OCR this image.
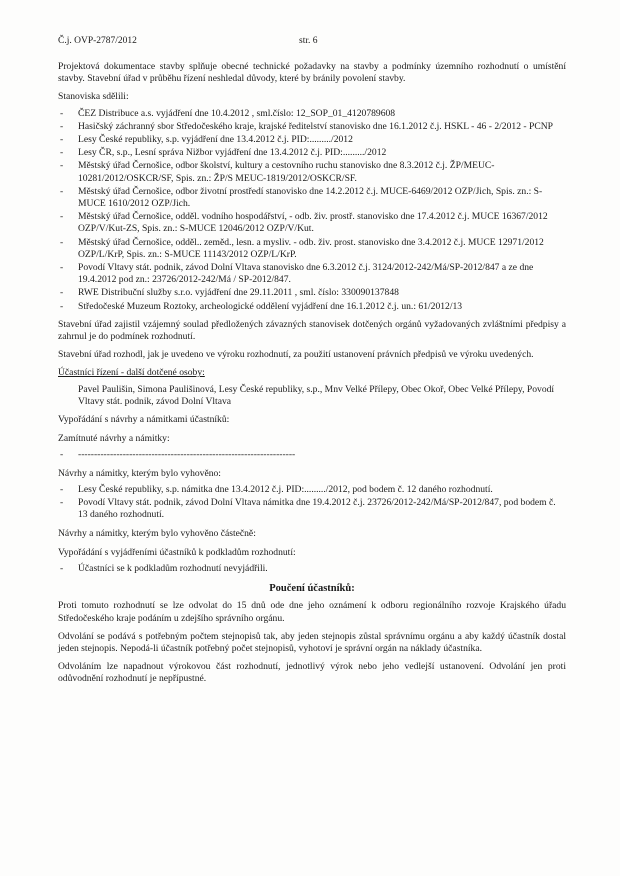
Č.j. OVP-2787/2012	str. 6

Projektová dokumentace stavby splňuje obecné technické požadavky na stavby a podmínky územního rozhodnutí o umístění stavby. Stavební úřad v průběhu řízení neshledal důvody, které by bránily povolení stavby.

Stanoviska sdělili:
- ČEZ Distribuce a.s. vyjádření dne 10.4.2012 , sml.číslo: 12_SOP_01_4120789608
- Hasičský záchranný sbor Středočeského kraje, krajské ředitelství stanovisko dne 16.1.2012 č.j. HSKL - 46 - 2/2012 - PCNP
- Lesy České republiky, s.p. vyjádření dne 13.4.2012 č.j. PID:........./2012
- Lesy ČR, s.p., Lesní správa Nižbor vyjádření dne 13.4.2012 č.j. PID:........./2012
- Městský úřad Černošice, odbor školství, kultury a cestovního ruchu stanovisko dne 8.3.2012 č.j. ŽP/MEUC-10281/2012/OSKCR/SF, Spis. zn.: ŽP/S MEUC-1819/2012/OSKCR/SF.
- Městský úřad Černošice, odbor životní prostředí stanovisko dne 14.2.2012 č.j. MUCE-6469/2012 OZP/Jich, Spis. zn.: S-MUCE 1610/2012 OZP/Jich.
- Městský úřad Černošice, odděl. vodního hospodářství, - odb. živ. prostř. stanovisko dne 17.4.2012 č.j. MUCE 16367/2012 OZP/V/Kut-ZS, Spis. zn.: S-MUCE 12046/2012 OZP/V/Kut.
- Městský úřad Černošice, odděl.. zeměd., lesn. a mysliv. - odb. živ. prost. stanovisko dne 3.4.2012 č.j. MUCE 12971/2012 OZP/L/KrP, Spis. zn.: S-MUCE 11143/2012 OZP/L/KrP.
- Povodí Vltavy stát. podnik, závod Dolní Vltava stanovisko dne 6.3.2012 č.j. 3124/2012-242/Má/SP-2012/847 a ze dne 19.4.2012 pod zn.: 23726/2012-242/Má / SP-2012/847.
- RWE Distribuční služby s.r.o. vyjádření dne 29.11.2011 , sml. číslo: 330090137848
- Středočeské Muzeum Roztoky, archeologické oddělení vyjádření dne 16.1.2012 č.j. un.: 61/2012/13

Stavební úřad zajistil vzájemný soulad předložených závazných stanovisek dotčených orgánů vyžadovaných zvláštními předpisy a zahrnul je do podmínek rozhodnutí.

Stavební úřad rozhodl, jak je uvedeno ve výroku rozhodnutí, za použití ustanovení právních předpisů ve výroku uvedených.

Účastníci řízení - další dotčené osoby:
Pavel Paulišin, Simona Paulišinová, Lesy České republiky, s.p., Mnv Velké Přílepy, Obec Okoř, Obec Velké Přílepy, Povodí Vltavy stát. podnik, závod Dolní Vltava
Vypořádání s návrhy a námitkami účastníků:
Zamítnuté návrhy a námitky:
- --------------------------------------------------------------------
Návrhy a námitky, kterým bylo vyhověno:
- Lesy České republiky, s.p. námitka dne 13.4.2012 č.j. PID:........./2012, pod bodem č. 12 daného rozhodnutí.
- Povodí Vltavy stát. podnik, závod Dolní Vltava námitka dne 19.4.2012 č.j. 23726/2012-242/Má/SP-2012/847, pod bodem č. 13 daného rozhodnutí.
Návrhy a námitky, kterým bylo vyhověno částečně:
Vypořádání s vyjádřeními účastníků k podkladům rozhodnutí:
- Účastníci se k podkladům rozhodnutí nevyjádřili.
Poučení účastníků:

Proti tomuto rozhodnutí se lze odvolat do 15 dnů ode dne jeho oznámení k odboru regionálního rozvoje Krajského úřadu Středočeského kraje podáním u zdejšího správního orgánu.

Odvolání se podává s potřebným počtem stejnopisů tak, aby jeden stejnopis zůstal správnímu orgánu a aby každý účastník dostal jeden stejnopis. Nepodá-li účastník potřebný počet stejnopisů, vyhotoví je správní orgán na náklady účastníka.

Odvoláním lze napadnout výrokovou část rozhodnutí, jednotlivý výrok nebo jeho vedlejší ustanovení. Odvolání jen proti odůvodnění rozhodnutí je nepřípustné.
